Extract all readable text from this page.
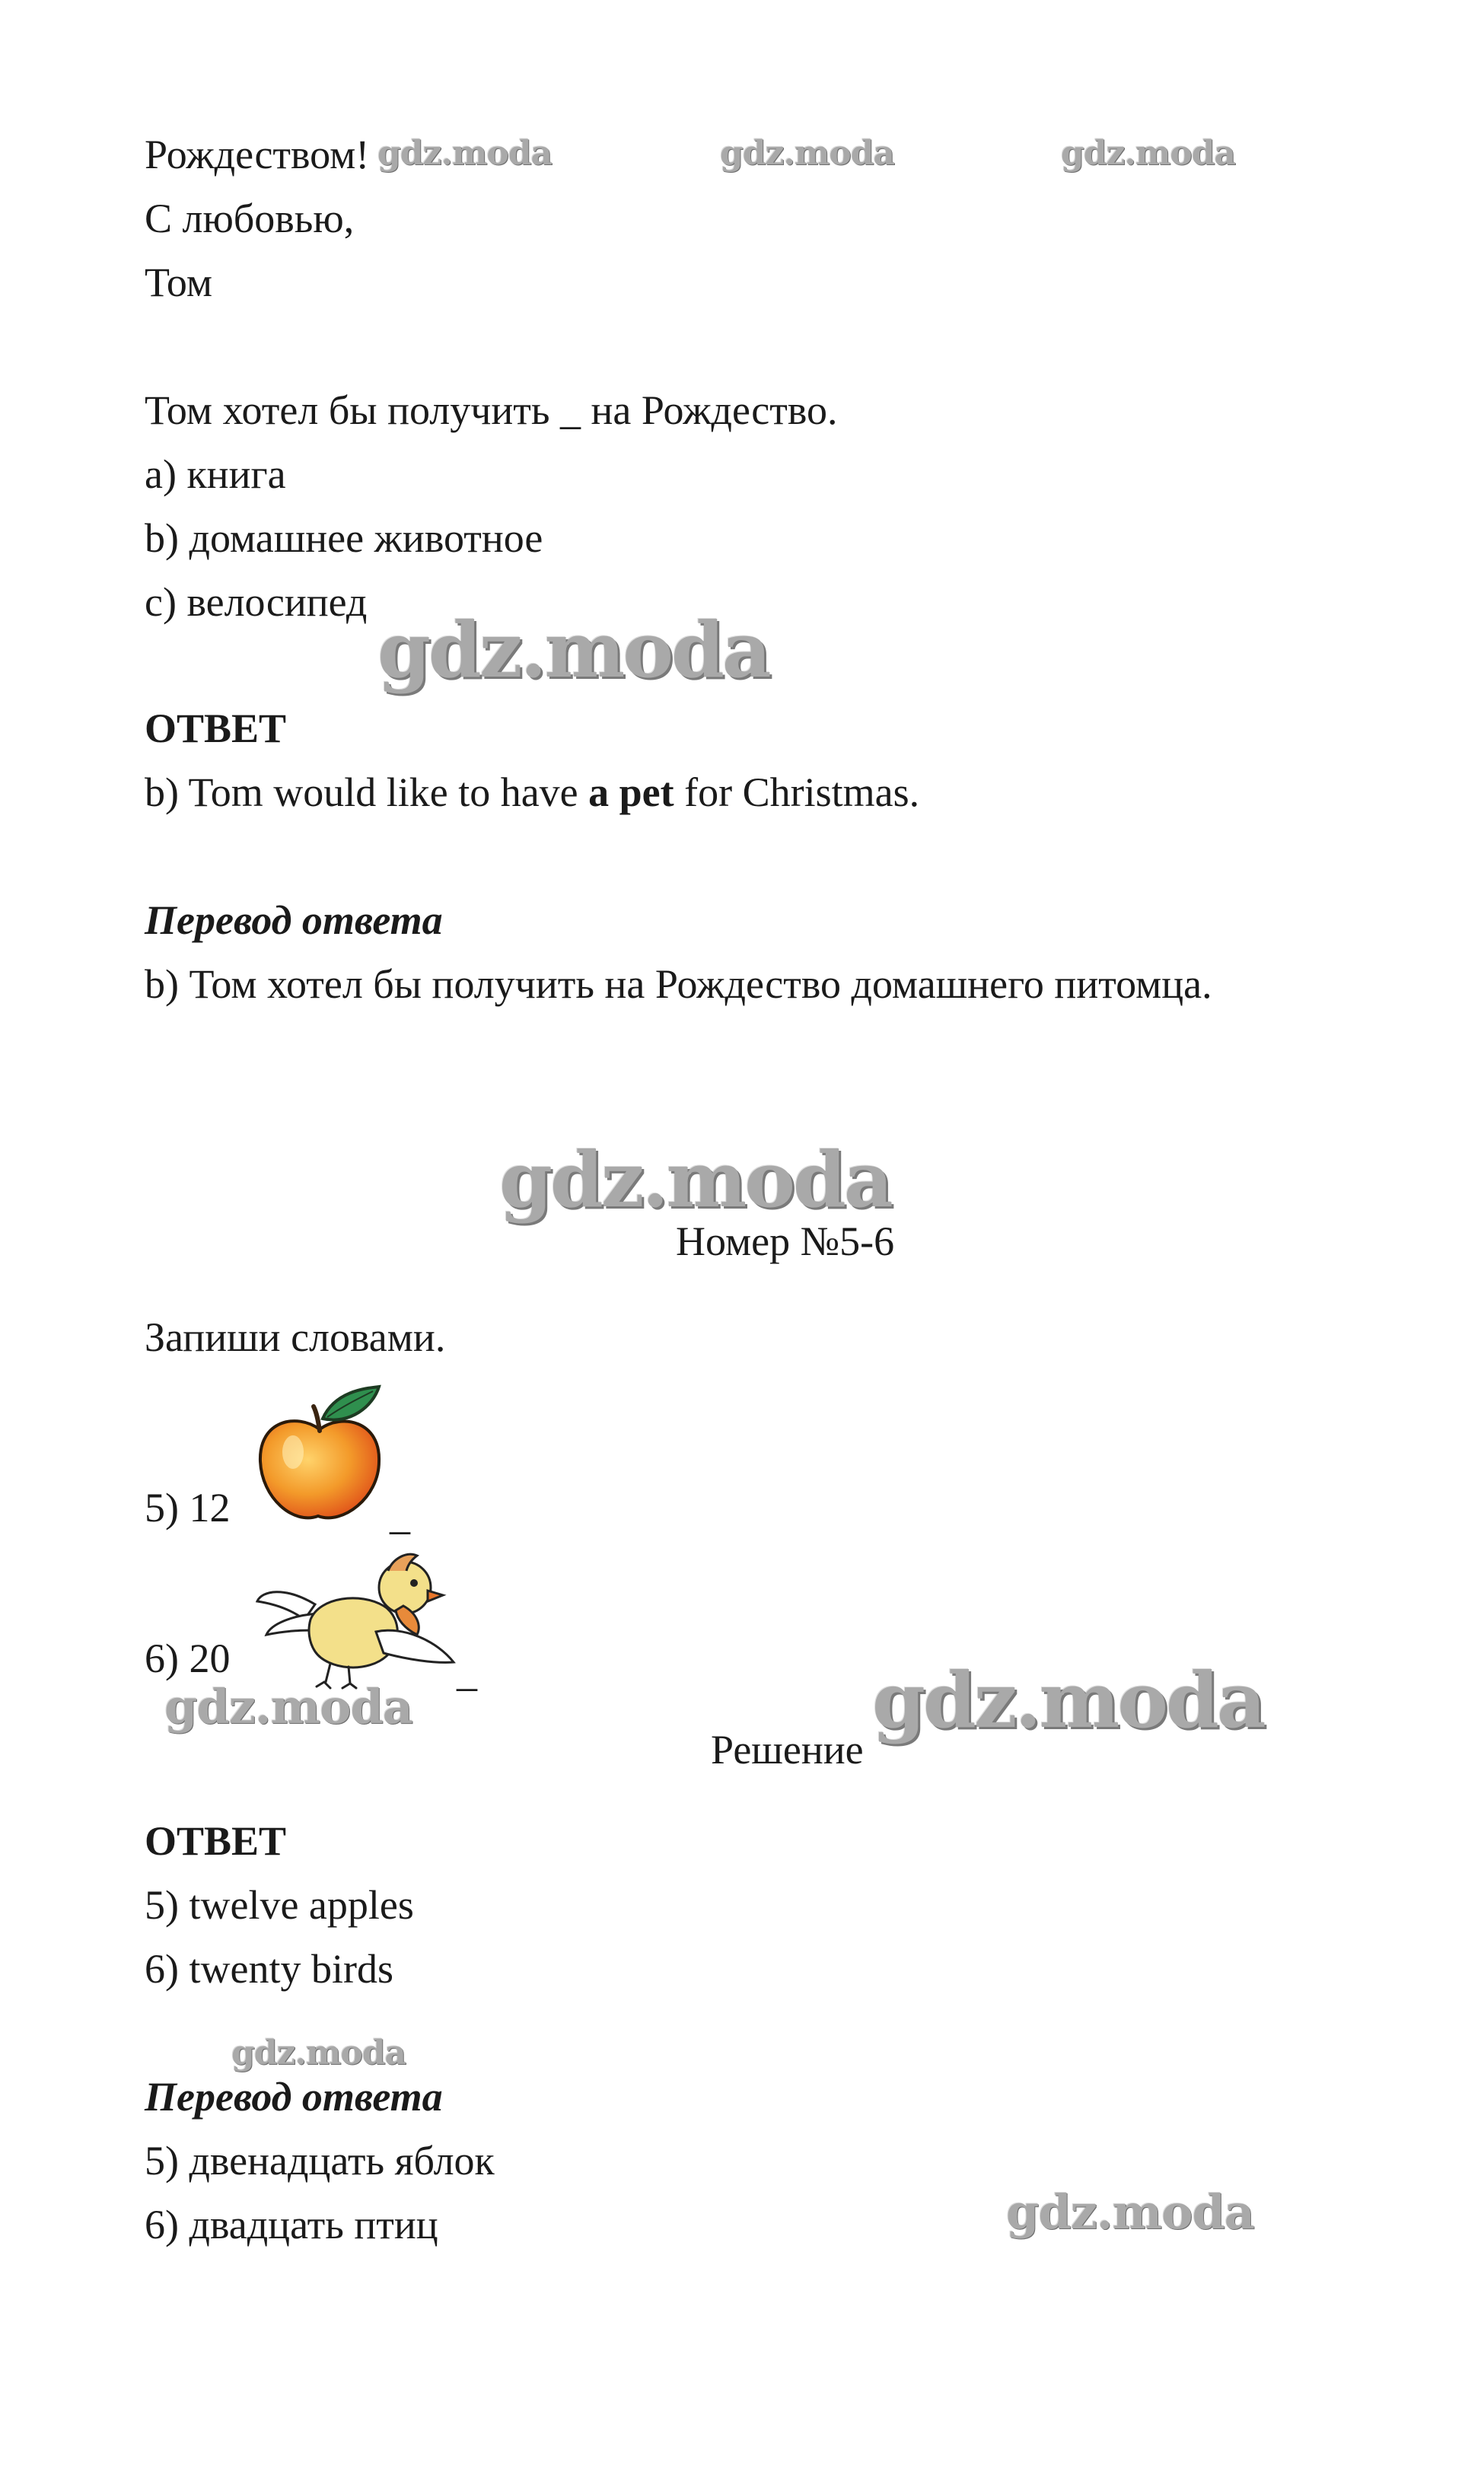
Рождеством! gdz.moda	gdz.moda	gdz.moda
С любовью,
Том
Том хотел бы получить _ на Рождество.
a) книга
b) домашнее животное
c) велосипед
gdz.moda
ОТВЕТ
b) Tom would like to have a pet for Christmas.
Перевод ответа
b) Том хотел бы получить на Рождество домашнего питомца.
gdz.moda
Номер №5-6
Запиши словами.
5) 12	_
6) 20	_
gdz.moda
Решение
gdz.moda
ОТВЕТ
5) twelve apples
6) twenty birds
gdz.moda
Перевод ответа
5) двенадцать яблок
6) двадцать птиц	gdz.moda
